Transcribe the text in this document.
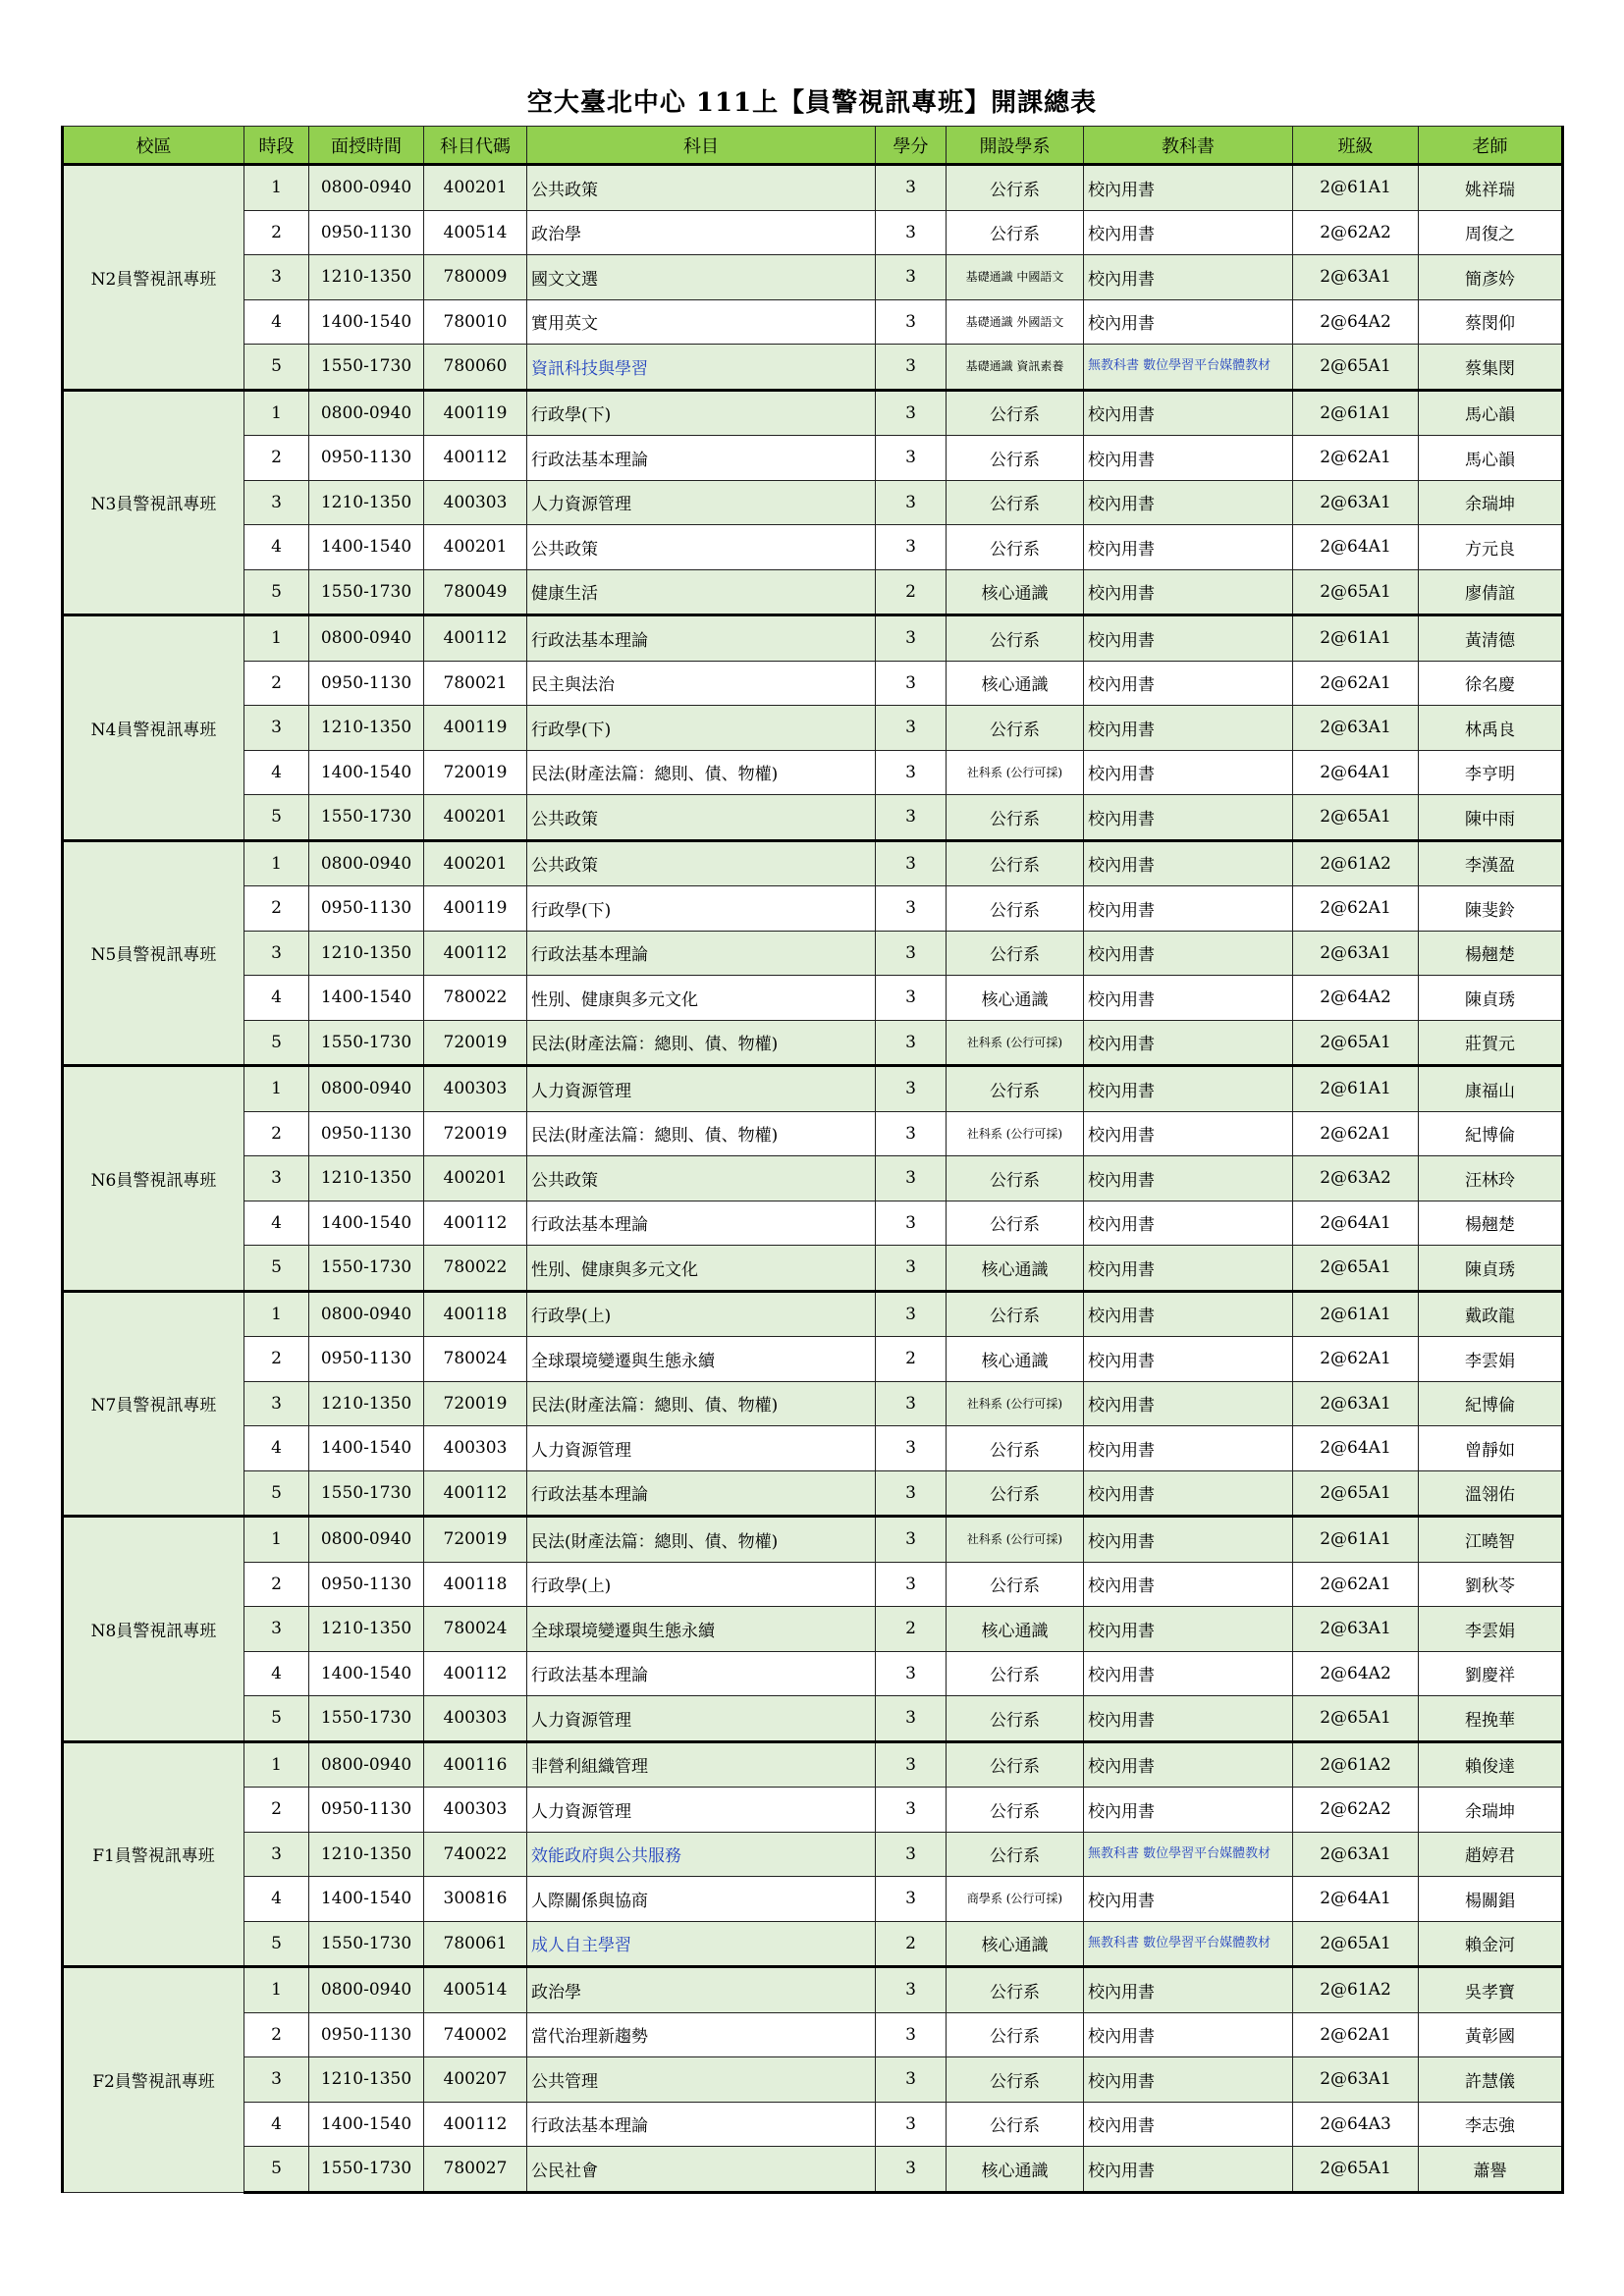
空大臺北中心 111上【員警視訊專班】開課總表
校區	時段	面授時間	科目代碼	科目	學分	開設學系	教科書	班級	老師
N2員警視訊專班	1	0800-0940	400201	公共政策	3	公行系	校內用書	2@61A1	姚祥瑞
	2	0950-1130	400514	政治學	3	公行系	校內用書	2@62A2	周復之
	3	1210-1350	780009	國文文選	3	基礎通識 中國語文	校內用書	2@63A1	簡彥妗
	4	1400-1540	780010	實用英文	3	基礎通識 外國語文	校內用書	2@64A2	蔡閔仰
	5	1550-1730	780060	資訊科技與學習	3	基礎通識 資訊素養	無教科書 數位學習平台媒體教材	2@65A1	蔡集閔
N3員警視訊專班	1	0800-0940	400119	行政學(下)	3	公行系	校內用書	2@61A1	馬心韻
	2	0950-1130	400112	行政法基本理論	3	公行系	校內用書	2@62A1	馬心韻
	3	1210-1350	400303	人力資源管理	3	公行系	校內用書	2@63A1	余瑞坤
	4	1400-1540	400201	公共政策	3	公行系	校內用書	2@64A1	方元良
	5	1550-1730	780049	健康生活	2	核心通識	校內用書	2@65A1	廖倩誼
N4員警視訊專班	1	0800-0940	400112	行政法基本理論	3	公行系	校內用書	2@61A1	黃清德
	2	0950-1130	780021	民主與法治	3	核心通識	校內用書	2@62A1	徐名慶
	3	1210-1350	400119	行政學(下)	3	公行系	校內用書	2@63A1	林禹良
	4	1400-1540	720019	民法(財產法篇：總則、債、物權)	3	社科系 (公行可採)	校內用書	2@64A1	李亨明
	5	1550-1730	400201	公共政策	3	公行系	校內用書	2@65A1	陳中雨
N5員警視訊專班	1	0800-0940	400201	公共政策	3	公行系	校內用書	2@61A2	李漢盈
	2	0950-1130	400119	行政學(下)	3	公行系	校內用書	2@62A1	陳斐鈴
	3	1210-1350	400112	行政法基本理論	3	公行系	校內用書	2@63A1	楊翹楚
	4	1400-1540	780022	性別、健康與多元文化	3	核心通識	校內用書	2@64A2	陳貞琇
	5	1550-1730	720019	民法(財產法篇：總則、債、物權)	3	社科系 (公行可採)	校內用書	2@65A1	莊賀元
N6員警視訊專班	1	0800-0940	400303	人力資源管理	3	公行系	校內用書	2@61A1	康福山
	2	0950-1130	720019	民法(財產法篇：總則、債、物權)	3	社科系 (公行可採)	校內用書	2@62A1	紀博倫
	3	1210-1350	400201	公共政策	3	公行系	校內用書	2@63A2	汪林玲
	4	1400-1540	400112	行政法基本理論	3	公行系	校內用書	2@64A1	楊翹楚
	5	1550-1730	780022	性別、健康與多元文化	3	核心通識	校內用書	2@65A1	陳貞琇
N7員警視訊專班	1	0800-0940	400118	行政學(上)	3	公行系	校內用書	2@61A1	戴政龍
	2	0950-1130	780024	全球環境變遷與生態永續	2	核心通識	校內用書	2@62A1	李雲娟
	3	1210-1350	720019	民法(財產法篇：總則、債、物權)	3	社科系 (公行可採)	校內用書	2@63A1	紀博倫
	4	1400-1540	400303	人力資源管理	3	公行系	校內用書	2@64A1	曾靜如
	5	1550-1730	400112	行政法基本理論	3	公行系	校內用書	2@65A1	溫翎佑
N8員警視訊專班	1	0800-0940	720019	民法(財產法篇：總則、債、物權)	3	社科系 (公行可採)	校內用書	2@61A1	江曉智
	2	0950-1130	400118	行政學(上)	3	公行系	校內用書	2@62A1	劉秋苓
	3	1210-1350	780024	全球環境變遷與生態永續	2	核心通識	校內用書	2@63A1	李雲娟
	4	1400-1540	400112	行政法基本理論	3	公行系	校內用書	2@64A2	劉慶祥
	5	1550-1730	400303	人力資源管理	3	公行系	校內用書	2@65A1	程挽華
F1員警視訊專班	1	0800-0940	400116	非營利組織管理	3	公行系	校內用書	2@61A2	賴俊達
	2	0950-1130	400303	人力資源管理	3	公行系	校內用書	2@62A2	余瑞坤
	3	1210-1350	740022	效能政府與公共服務	3	公行系	無教科書 數位學習平台媒體教材	2@63A1	趙婷君
	4	1400-1540	300816	人際關係與協商	3	商學系 (公行可採)	校內用書	2@64A1	楊關錩
	5	1550-1730	780061	成人自主學習	2	核心通識	無教科書 數位學習平台媒體教材	2@65A1	賴金河
F2員警視訊專班	1	0800-0940	400514	政治學	3	公行系	校內用書	2@61A2	吳孝寶
	2	0950-1130	740002	當代治理新趨勢	3	公行系	校內用書	2@62A1	黃彰國
	3	1210-1350	400207	公共管理	3	公行系	校內用書	2@63A1	許慧儀
	4	1400-1540	400112	行政法基本理論	3	公行系	校內用書	2@64A3	李志強
	5	1550-1730	780027	公民社會	3	核心通識	校內用書	2@65A1	蕭譽
